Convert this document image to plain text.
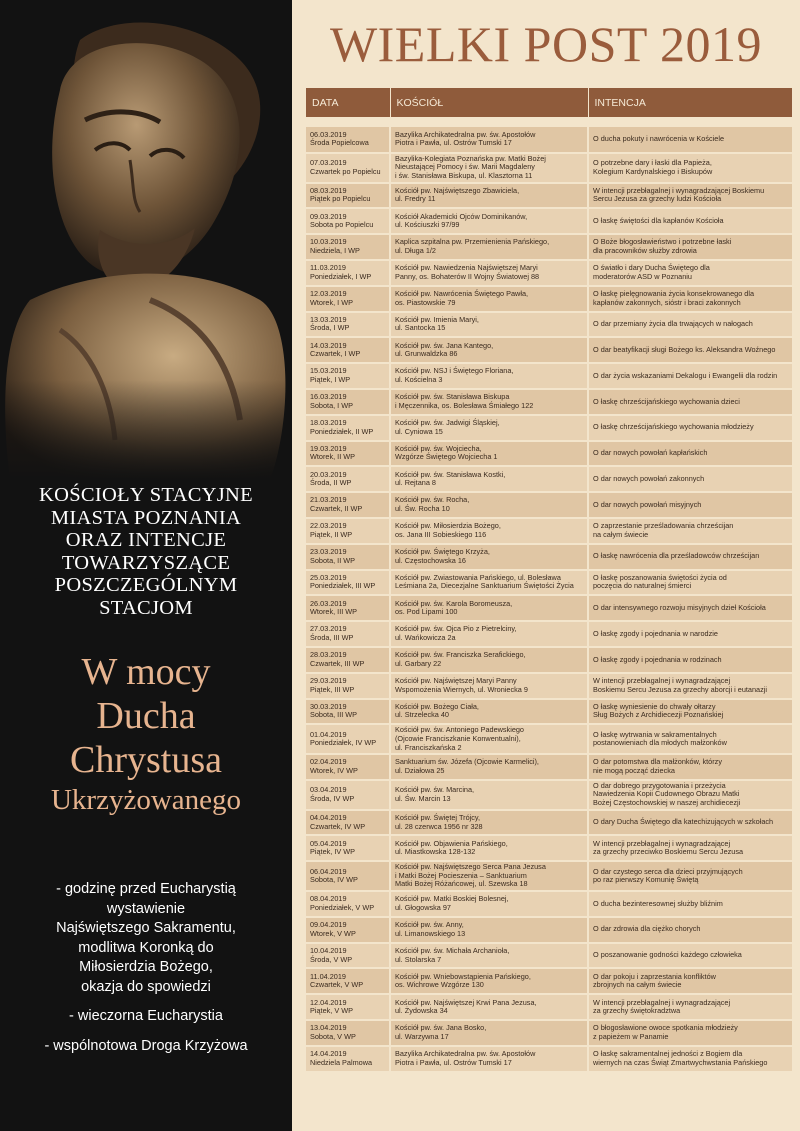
KOŚCIOŁY STACYJNE
MIASTA POZNANIA
ORAZ INTENCJE
TOWARZYSZĄCE
POSZCZEGÓLNYM
STACJOM
W mocy
Ducha
Chrystusa
Ukrzyżowanego

- godzinę przed Eucharystią
wystawienie
Najświętszego Sakramentu,
modlitwa Koronką do
Miłosierdzia Bożego,
okazja do spowiedzi

- wieczorna Eucharystia

- wspólnotowa Droga Krzyżowa

WIELKI POST 2019
DATA	KOŚCIÓŁ	INTENCJA

06.03.2019
Środa Popielcowa	Bazylika Archikatedralna pw. św. Apostołów
Piotra i Pawła, ul. Ostrów Tumski 17	O ducha pokuty i nawrócenia w Kościele
07.03.2019
Czwartek po Popielcu	Bazylika-Kolegiata Poznańska pw. Matki Bożej
Nieustającej Pomocy i św. Marii Magdaleny
i św. Stanisława Biskupa, ul. Klasztorna 11	O potrzebne dary i łaski dla Papieża,
Kolegium Kardynalskiego i Biskupów
08.03.2019
Piątek po Popielcu	Kościół pw. Najświętszego Zbawiciela,
ul. Fredry 11	W intencji przebłagalnej i wynagradzającej Boskiemu
Sercu Jezusa za grzechy ludzi Kościoła
09.03.2019
Sobota po Popielcu	Kościół Akademicki Ojców Dominikanów,
ul. Kościuszki 97/99	O łaskę świętości dla kapłanów Kościoła
10.03.2019
Niedziela, I WP	Kaplica szpitalna pw. Przemienienia Pańskiego,
ul. Długa 1/2	O Boże błogosławieństwo i potrzebne łaski
dla pracowników służby zdrowia
11.03.2019
Poniedziałek, I WP	Kościół pw. Nawiedzenia Najświętszej Maryi
Panny, os. Bohaterów II Wojny Światowej 88	O światło i dary Ducha Świętego dla
moderatorów ASD w Poznaniu
12.03.2019
Wtorek, I WP	Kościół pw. Nawrócenia Świętego Pawła,
os. Piastowskie 79	O łaskę pielęgnowania życia konsekrowanego dla
kapłanów zakonnych, sióstr i braci zakonnych
13.03.2019
Środa, I WP	Kościół pw. Imienia Maryi,
ul. Santocka 15	O dar przemiany życia dla trwających w nałogach
14.03.2019
Czwartek, I WP	Kościół pw. św. Jana Kantego,
ul. Grunwaldzka 86	O dar beatyfikacji sługi Bożego ks. Aleksandra Woźnego
15.03.2019
Piątek, I WP	Kościół pw. NSJ i Świętego Floriana,
ul. Kościelna 3	O dar życia wskazaniami Dekalogu i Ewangelii dla rodzin
16.03.2019
Sobota, I WP	Kościół pw. św. Stanisława Biskupa
i Męczennika, os. Bolesława Śmiałego 122	O łaskę chrześcijańskiego wychowania dzieci
18.03.2019
Poniedziałek, II WP	Kościół pw. św. Jadwigi Śląskiej,
ul. Cyniowa 15	O łaskę chrześcijańskiego wychowania młodzieży
19.03.2019
Wtorek, II WP	Kościół pw. św. Wojciecha,
Wzgórze Świętego Wojciecha 1	O dar nowych powołań kapłańskich
20.03.2019
Środa, II WP	Kościół pw. św. Stanisława Kostki,
ul. Rejtana 8	O dar nowych powołań zakonnych
21.03.2019
Czwartek, II WP	Kościół pw. św. Rocha,
ul. Św. Rocha 10	O dar nowych powołań misyjnych
22.03.2019
Piątek, II WP	Kościół pw. Miłosierdzia Bożego,
os. Jana III Sobieskiego 116	O zaprzestanie prześladowania chrześcijan
na całym świecie
23.03.2019
Sobota, II WP	Kościół pw. Świętego Krzyża,
ul. Częstochowska 16	O łaskę nawrócenia dla prześladowców chrześcijan
25.03.2019
Poniedziałek, III WP	Kościół pw. Zwiastowania Pańskiego, ul. Bolesława
Leśmiana 2a, Diecezjalne Sanktuarium Świętości Życia	O łaskę poszanowania świętości życia od
poczęcia do naturalnej śmierci
26.03.2019
Wtorek, III WP	Kościół pw. św. Karola Boromeusza,
os. Pod Lipami 100	O dar intensywnego rozwoju misyjnych dzieł Kościoła
27.03.2019
Środa, III WP	Kościół pw. św. Ojca Pio z Pietrelciny,
ul. Wańkowicza 2a	O łaskę zgody i pojednania w narodzie
28.03.2019
Czwartek, III WP	Kościół pw. św. Franciszka Serafickiego,
ul. Garbary 22	O łaskę zgody i pojednania w rodzinach
29.03.2019
Piątek, III WP	Kościół pw. Najświętszej Maryi Panny
Wspomożenia Wiernych, ul. Wroniecka 9	W intencji przebłagalnej i wynagradzającej
Boskiemu Sercu Jezusa za grzechy aborcji i eutanazji
30.03.2019
Sobota, III WP	Kościół pw. Bożego Ciała,
ul. Strzelecka 40	O łaskę wyniesienie do chwały ołtarzy
Sług Bożych z Archidiecezji Poznańskiej
01.04.2019
Poniedziałek, IV WP	Kościół pw. św. Antoniego Padewskiego
(Ojcowie Franciszkanie Konwentualni),
ul. Franciszkańska 2	O łaskę wytrwania w sakramentalnych
postanowieniach dla młodych małżonków
02.04.2019
Wtorek, IV WP	Sanktuarium św. Józefa (Ojcowie Karmelici),
ul. Działowa 25	O dar potomstwa dla małżonków, którzy
nie mogą począć dziecka
03.04.2019
Środa, IV WP	Kościół pw. św. Marcina,
ul. Św. Marcin 13	O dar dobrego przygotowania i przeżycia
Nawiedzenia Kopii Cudownego Obrazu Matki
Bożej Częstochowskiej w naszej archidiecezji
04.04.2019
Czwartek, IV WP	Kościół pw. Świętej Trójcy,
ul. 28 czerwca 1956 nr 328	O dary Ducha Świętego dla katechizujących w szkołach
05.04.2019
Piątek, IV WP	Kościół pw. Objawienia Pańskiego,
ul. Miastkowska 128-132	W intencji przebłagalnej i wynagradzającej
za grzechy przeciwko Boskiemu Sercu Jezusa
06.04.2019
Sobota, IV WP	Kościół pw. Najświętszego Serca Pana Jezusa
i Matki Bożej Pocieszenia – Sanktuarium
Matki Bożej Różańcowej, ul. Szewska 18	O dar czystego serca dla dzieci przyjmujących
po raz pierwszy Komunię Świętą
08.04.2019
Poniedziałek, V WP	Kościół pw. Matki Boskiej Bolesnej,
ul. Głogowska 97	O ducha bezinteresownej służby bliźnim
09.04.2019
Wtorek, V WP	Kościół pw. św. Anny,
ul. Limanowskiego 13	O dar zdrowia dla ciężko chorych
10.04.2019
Środa, V WP	Kościół pw. św. Michała Archanioła,
ul. Stolarska 7	O poszanowanie godności każdego człowieka
11.04.2019
Czwartek, V WP	Kościół pw. Wniebowstąpienia Pańskiego,
os. Wichrowe Wzgórze 130	O dar pokoju i zaprzestania konfliktów
zbrojnych na całym świecie
12.04.2019
Piątek, V WP	Kościół pw. Najświętszej Krwi Pana Jezusa,
ul. Żydowska 34	W intencji przebłagalnej i wynagradzającej
za grzechy świętokradztwa
13.04.2019
Sobota, V WP	Kościół pw. św. Jana Bosko,
ul. Warzywna 17	O błogosławione owoce spotkania młodzieży
z papieżem w Panamie
14.04.2019
Niedziela Palmowa	Bazylika Archikatedralna pw. św. Apostołów
Piotra i Pawła, ul. Ostrów Tumski 17	O łaskę sakramentalnej jedności z Bogiem dla
wiernych na czas Świąt Zmartwychwstania Pańskiego
